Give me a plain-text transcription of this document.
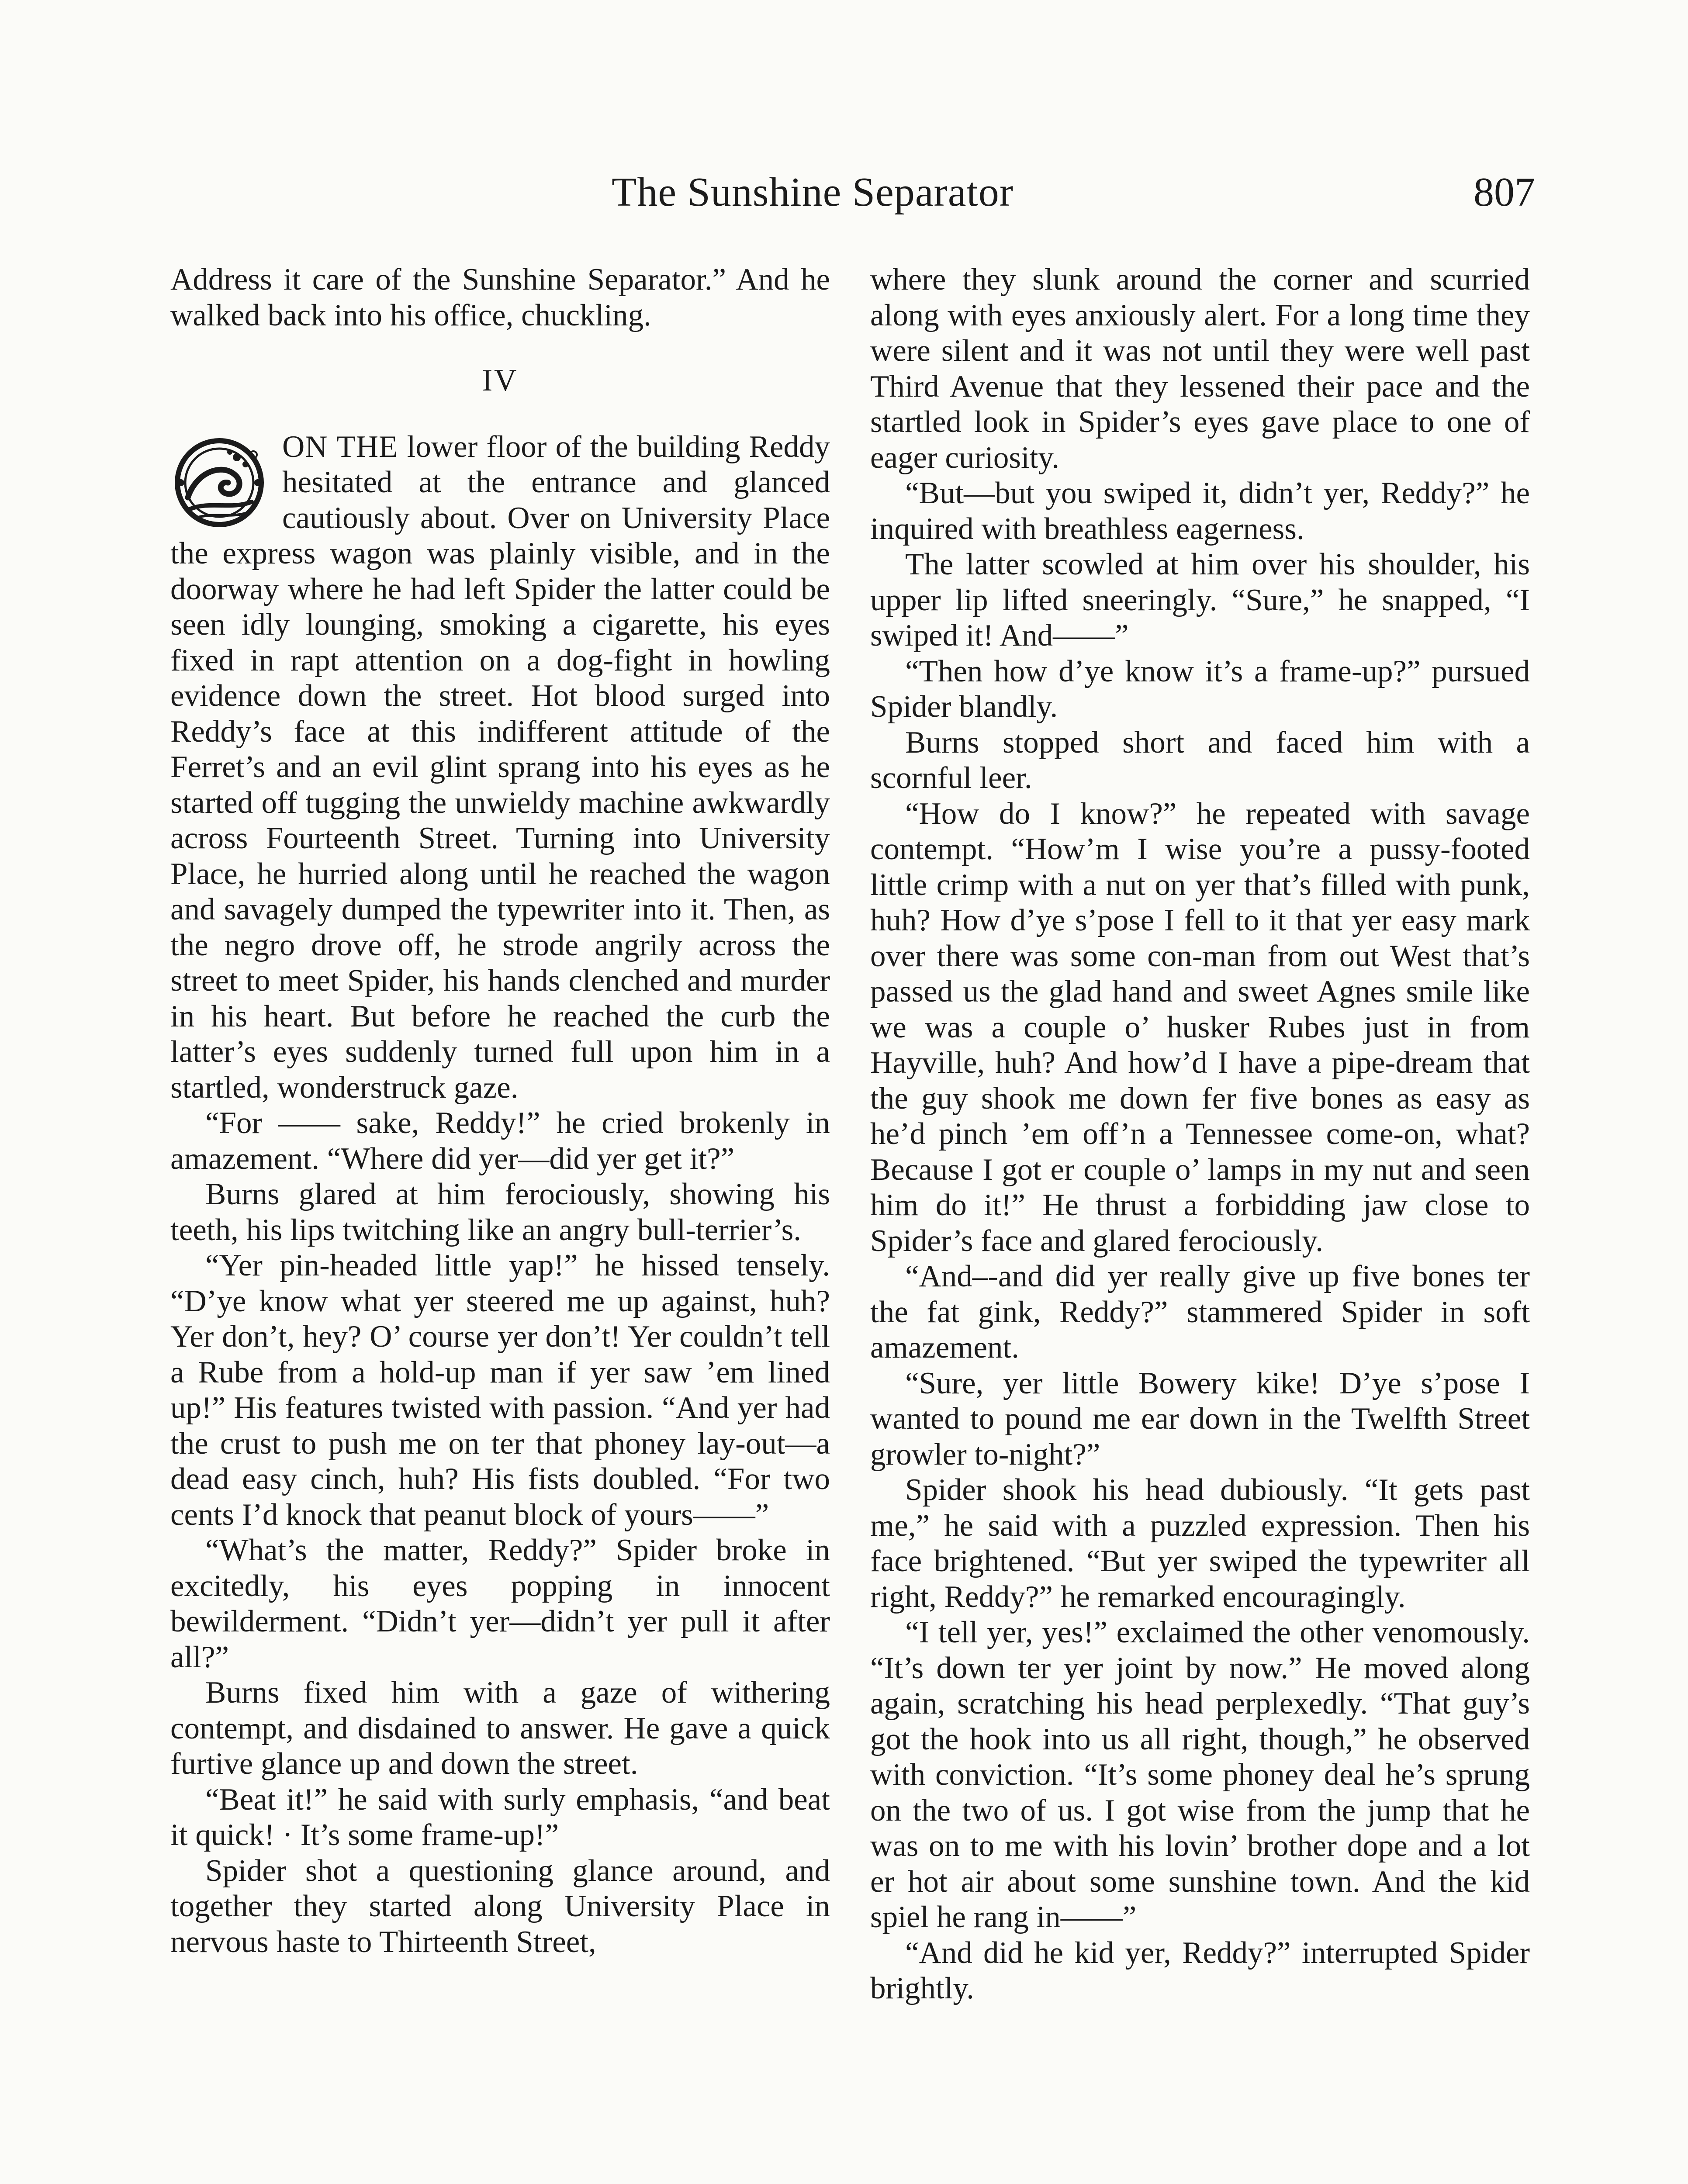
The Sunshine Separator	807

Address it care of the Sunshine Separator.” And he walked back into his office, chuckling.

IV

ON THE lower floor of the building Reddy hesitated at the entrance and glanced cautiously about. Over on University Place the express wagon was plainly visible, and in the doorway where he had left Spider the latter could be seen idly lounging, smoking a cigarette, his eyes fixed in rapt attention on a dog-fight in howling evidence down the street. Hot blood surged into Reddy’s face at this indifferent attitude of the Ferret’s and an evil glint sprang into his eyes as he started off tugging the unwieldy machine awkwardly across Fourteenth Street. Turning into University Place, he hurried along until he reached the wagon and savagely dumped the typewriter into it. Then, as the negro drove off, he strode angrily across the street to meet Spider, his hands clenched and murder in his heart. But before he reached the curb the latter’s eyes suddenly turned full upon him in a startled, wonderstruck gaze.

“For —— sake, Reddy!” he cried brokenly in amazement. “Where did yer—did yer get it?”

Burns glared at him ferociously, showing his teeth, his lips twitching like an angry bull-terrier’s.

“Yer pin-headed little yap!” he hissed tensely. “D’ye know what yer steered me up against, huh? Yer don’t, hey? O’ course yer don’t! Yer couldn’t tell a Rube from a hold-up man if yer saw ’em lined up!” His features twisted with passion. “And yer had the crust to push me on ter that phoney lay-out—a dead easy cinch, huh? His fists doubled. “For two cents I’d knock that peanut block of yours——”

“What’s the matter, Reddy?” Spider broke in excitedly, his eyes popping in innocent bewilderment. “Didn’t yer—didn’t yer pull it after all?”

Burns fixed him with a gaze of withering contempt, and disdained to answer. He gave a quick furtive glance up and down the street.

“Beat it!” he said with surly emphasis, “and beat it quick! · It’s some frame-up!”

Spider shot a questioning glance around, and together they started along University Place in nervous haste to Thirteenth Street,

where they slunk around the corner and scurried along with eyes anxiously alert. For a long time they were silent and it was not until they were well past Third Avenue that they lessened their pace and the startled look in Spider’s eyes gave place to one of eager curiosity.

“But—but you swiped it, didn’t yer, Reddy?” he inquired with breathless eagerness.

The latter scowled at him over his shoulder, his upper lip lifted sneeringly. “Sure,” he snapped, “I swiped it! And——”

“Then how d’ye know it’s a frame-up?” pursued Spider blandly.

Burns stopped short and faced him with a scornful leer.

“How do I know?” he repeated with savage contempt. “How’m I wise you’re a pussy-footed little crimp with a nut on yer that’s filled with punk, huh? How d’ye s’pose I fell to it that yer easy mark over there was some con-man from out West that’s passed us the glad hand and sweet Agnes smile like we was a couple o’ husker Rubes just in from Hayville, huh? And how’d I have a pipe-dream that the guy shook me down fer five bones as easy as he’d pinch ’em off’n a Tennessee come-on, what? Because I got er couple o’ lamps in my nut and seen him do it!” He thrust a forbidding jaw close to Spider’s face and glared ferociously.

“And–-and did yer really give up five bones ter the fat gink, Reddy?” stammered Spider in soft amazement.

“Sure, yer little Bowery kike! D’ye s’pose I wanted to pound me ear down in the Twelfth Street growler to-night?”

Spider shook his head dubiously. “It gets past me,” he said with a puzzled expression. Then his face brightened. “But yer swiped the typewriter all right, Reddy?” he remarked encouragingly.

“I tell yer, yes!” exclaimed the other venomously. “It’s down ter yer joint by now.” He moved along again, scratching his head perplexedly. “That guy’s got the hook into us all right, though,” he observed with conviction. “It’s some phoney deal he’s sprung on the two of us. I got wise from the jump that he was on to me with his lovin’ brother dope and a lot er hot air about some sunshine town. And the kid spiel he rang in——”

“And did he kid yer, Reddy?” interrupted Spider brightly.
